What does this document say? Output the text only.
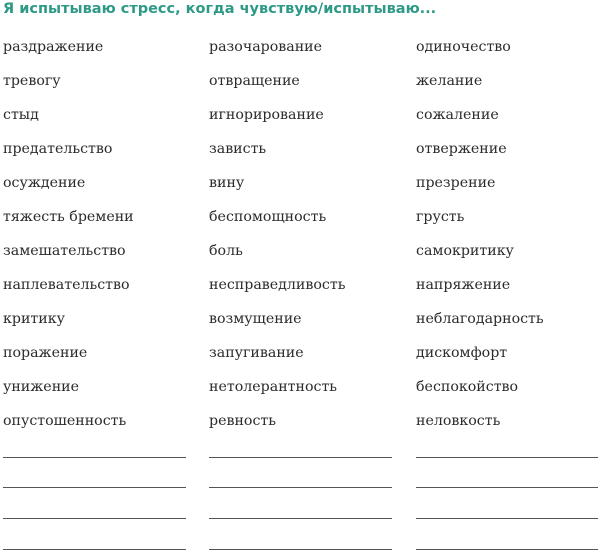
Я испытываю стресс, когда чувствую/испытываю...
раздражение
тревогу
стыд
предательство
осуждение
тяжесть бремени
замешательство
наплевательство
критику
поражение
унижение
опустошенность
разочарование
отвращение
игнорирование
зависть
вину
беспомощность
боль
несправедливость
возмущение
запугивание
нетолерантность
ревность
одиночество
желание
сожаление
отвержение
презрение
грусть
самокритику
напряжение
неблагодарность
дискомфорт
беспокойство
неловкость
